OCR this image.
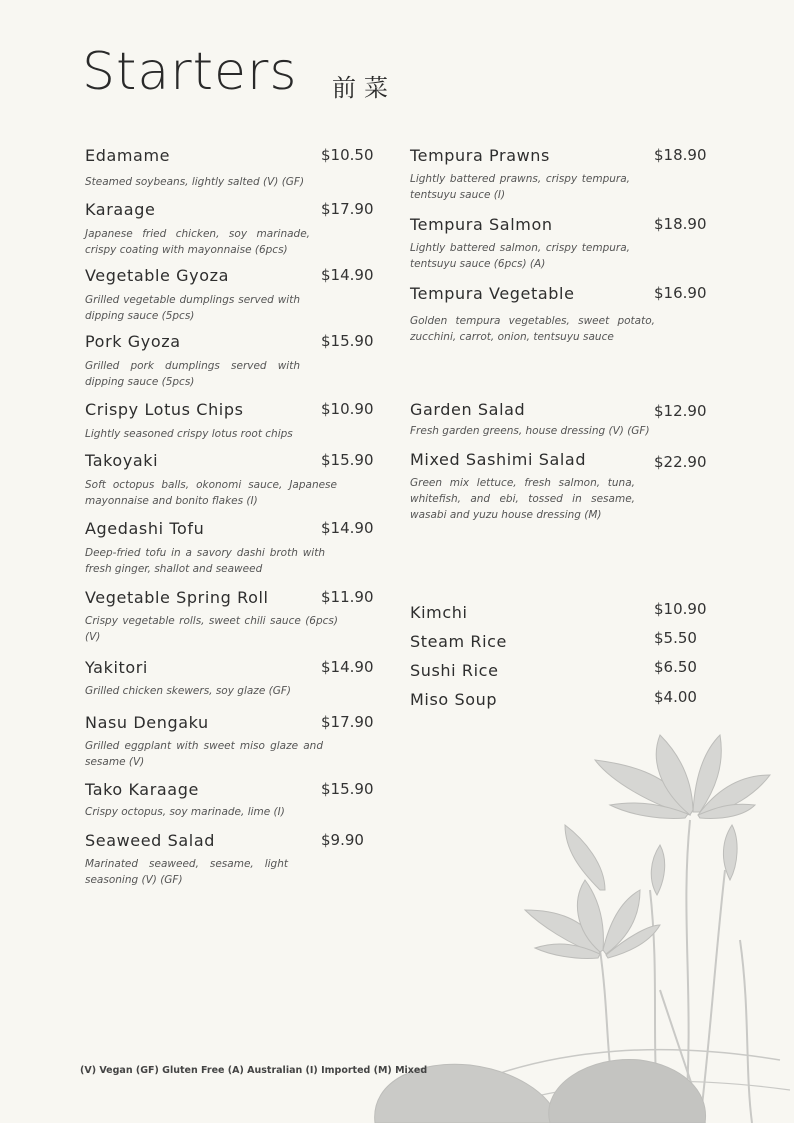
Starters 前菜
Edamame	$10.50
Steamed soybeans, lightly salted (V) (GF)
Karaage	$17.90
Japanese fried chicken, soy marinade, crispy coating with mayonnaise (6pcs)
Vegetable Gyoza	$14.90
Grilled vegetable dumplings served with dipping sauce (5pcs)
Pork Gyoza	$15.90
Grilled pork dumplings served with dipping sauce (5pcs)
Crispy Lotus Chips	$10.90
Lightly seasoned crispy lotus root chips
Takoyaki	$15.90
Soft octopus balls, okonomi sauce, Japanese mayonnaise and bonito flakes (I)
Agedashi Tofu	$14.90
Deep-fried tofu in a savory dashi broth with fresh ginger, shallot and seaweed
Vegetable Spring Roll	$11.90
Crispy vegetable rolls, sweet chili sauce (6pcs) (V)
Yakitori	$14.90
Grilled chicken skewers, soy glaze (GF)
Nasu Dengaku	$17.90
Grilled eggplant with sweet miso glaze and sesame (V)
Tako Karaage	$15.90
Crispy octopus, soy marinade, lime (I)
Seaweed Salad	$9.90
Marinated seaweed, sesame, light seasoning (V) (GF)
Tempura Prawns	$18.90
Lightly battered prawns, crispy tempura, tentsuyu sauce (I)
Tempura Salmon	$18.90
Lightly battered salmon, crispy tempura, tentsuyu sauce (6pcs) (A)
Tempura Vegetable	$16.90
Golden tempura vegetables, sweet potato, zucchini, carrot, onion, tentsuyu sauce
Garden Salad	$12.90
Fresh garden greens, house dressing (V) (GF)
Mixed Sashimi Salad	$22.90
Green mix lettuce, fresh salmon, tuna, whitefish, and ebi, tossed in sesame, wasabi and yuzu house dressing (M)
Kimchi	$10.90
Steam Rice	$5.50
Sushi Rice	$6.50
Miso Soup	$4.00
(V) Vegan (GF) Gluten Free (A) Australian (I) Imported (M) Mixed
